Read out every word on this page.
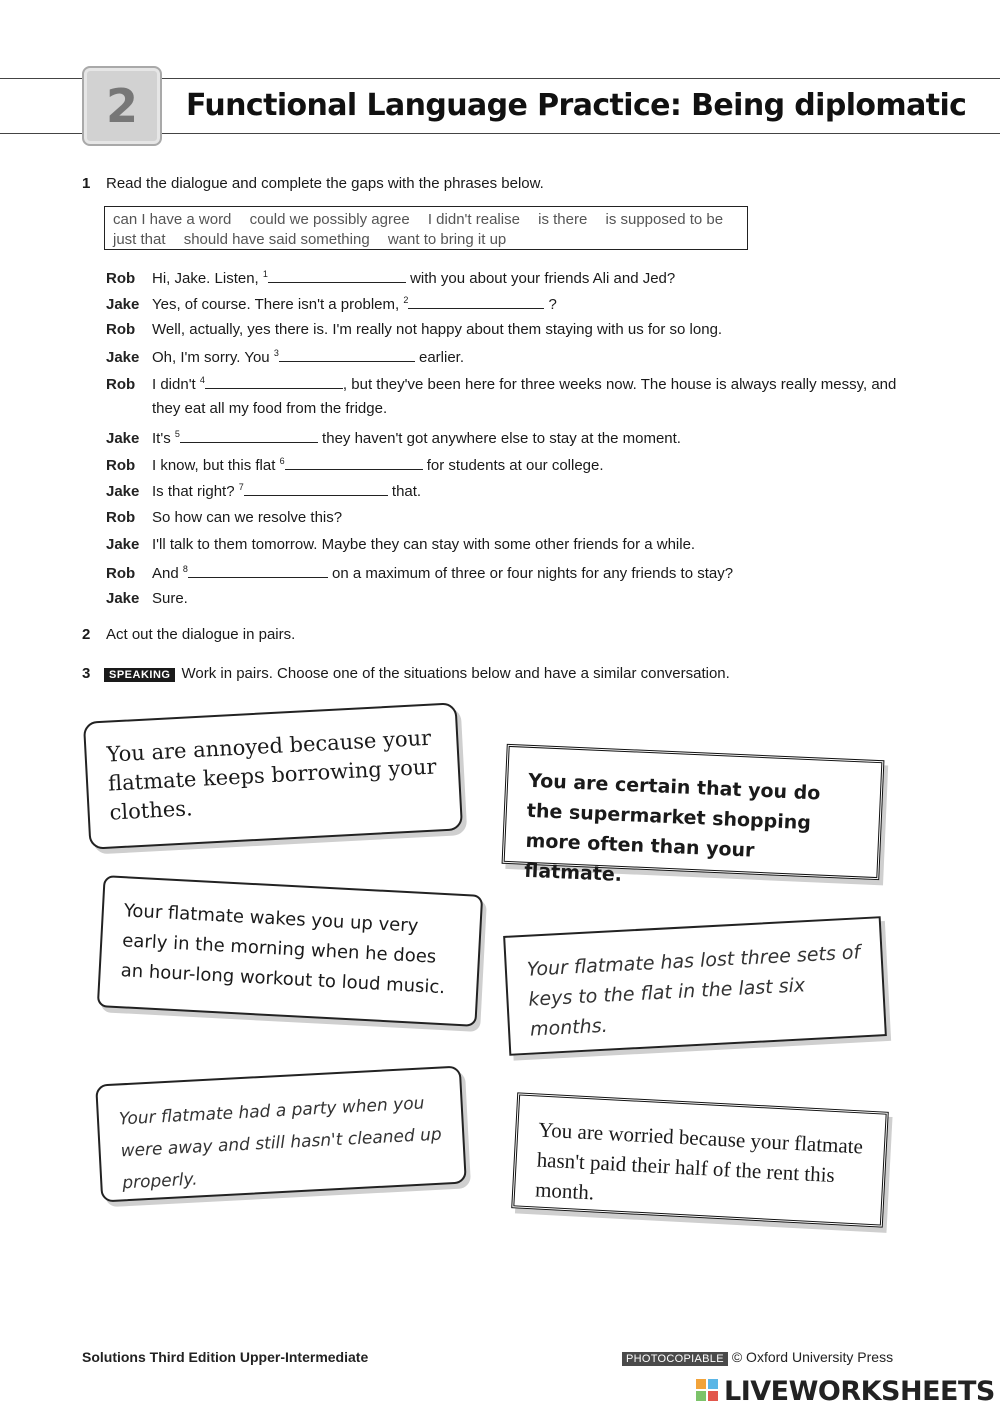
2 Functional Language Practice: Being diplomatic
1 Read the dialogue and complete the gaps with the phrases below.
can I have a word could we possibly agree I didn't realise is there is supposed to be
just that should have said something want to bring it up
Rob Hi, Jake. Listen, $^1$	with you about your friends Ali and Jed?
Jake Yes, of course. There isn't a problem, $^2$	?
Rob Well, actually, yes there is. I'm really not happy about them staying with us for so long.
Jake Oh, I'm sorry. You $^3$	earlier.
Rob I didn't $^4$	, but they've been here for three weeks now. The house is always really messy, and
they eat all my food from the fridge.
Jake It's $^5$	they haven't got anywhere else to stay at the moment.
Rob I know, but this flat $^6$	for students at our college.
Jake Is that right? $^7$	that.
Rob So how can we resolve this?
Jake I'll talk to them tomorrow. Maybe they can stay with some other friends for a while.
Rob And $^8$	on a maximum of three or four nights for any friends to stay?
Jake Sure.
2 Act out the dialogue in pairs.
3	SPEAKING Work in pairs. Choose one of the situations below and have a similar conversation.
You are annoyed because your flatmate keeps borrowing your clothes.
You are certain that you do the supermarket shopping more often than your flatmate.
Your flatmate wakes you up very early in the morning when he does an hour-long workout to loud music.	Your flatmate has lost three sets of keys to the flat in the last six months.
Your flatmate had a party when you were away and still hasn't cleaned up properly.
You are worried because your flatmate hasn't paid their half of the rent this month.
Solutions Third Edition Upper-Intermediate	PHOTOCOPIABLE © Oxford University Press
LIVEWORKSHEETS
